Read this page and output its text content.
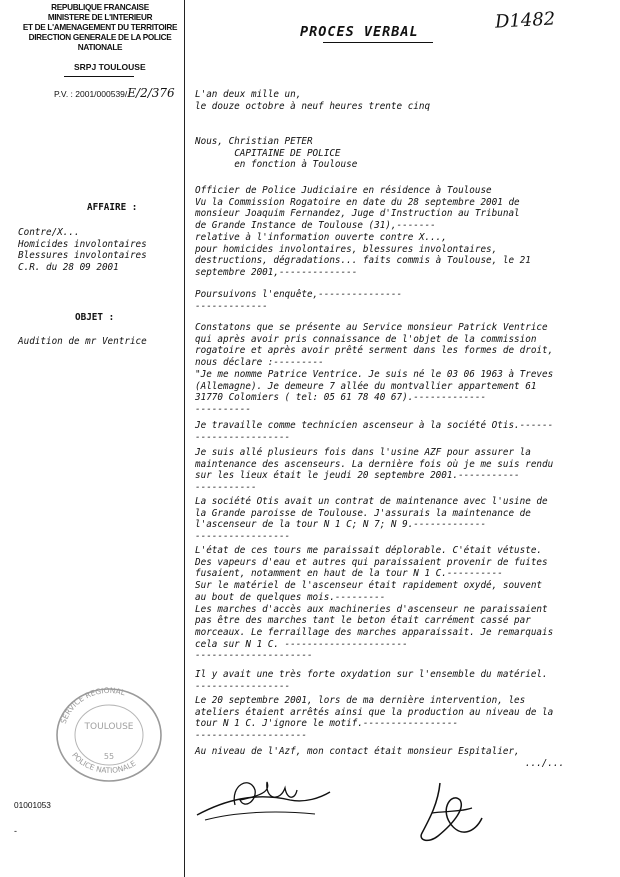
REPUBLIQUE FRANCAISE
MINISTERE DE L'INTERIEUR
ET DE L'AMENAGEMENT DU TERRITOIRE
DIRECTION GENERALE DE LA POLICE NATIONALE
SRPJ TOULOUSE
P.V. : 2001/000539/E/2/376
PROCES VERBAL	D1482
AFFAIRE :
Contre/X...
Homicides involontaires
Blessures involontaires
C.R. du 28 09 2001
OBJET :
Audition de mr Ventrice
L'an deux mille un,
le douze octobre à neuf heures trente cinq
Nous, Christian PETER
CAPITAINE DE POLICE
en fonction à Toulouse
Officier de Police Judiciaire en résidence à Toulouse
Vu la Commission Rogatoire en date du 28 septembre 2001 de
monsieur Joaquim Fernandez, Juge d'Instruction au Tribunal
de Grande Instance de Toulouse (31),-------
relative à l'information ouverte contre X...,
pour homicides involontaires, blessures involontaires,
destructions, dégradations... faits commis à Toulouse, le 21
septembre 2001,--------------
Poursuivons l'enquête,---------------
-------------
Constatons que se présente au Service monsieur Patrick Ventrice
qui après avoir pris connaissance de l'objet de la commission
rogatoire et après avoir prêté serment dans les formes de droit,
nous déclare :---------
"Je me nomme Patrice Ventrice. Je suis né le 03 06 1963 à Treves
(Allemagne). Je demeure 7 allée du montvallier appartement 61
31770 Colomiers ( tel: 05 61 78 40 67).-------------
----------
Je travaille comme technicien ascenseur à la société Otis.------
-----------------
Je suis allé plusieurs fois dans l'usine AZF pour assurer la
maintenance des ascenseurs. La dernière fois où je me suis rendu
sur les lieux était le jeudi 20 septembre 2001.-----------
-----------
La société Otis avait un contrat de maintenance avec l'usine de
la Grande paroisse de Toulouse. J'assurais la maintenance de
l'ascenseur de la tour N 1 C; N 7; N 9.-------------
-----------------
L'état de ces tours me paraissait déplorable. C'était vétuste.
Des vapeurs d'eau et autres qui paraissaient provenir de fuites
fusaient, notamment en haut de la tour N 1 C.----------
Sur le matériel de l'ascenseur était rapidement oxydé, souvent
au bout de quelques mois.---------
Les marches d'accès aux machineries d'ascenseur ne paraissaient
pas être des marches tant le beton était carrément cassé par
morceaux. Le ferraillage des marches apparaissait. Je remarquais
cela sur N 1 C. ----------------------
---------------------
Il y avait une très forte oxydation sur l'ensemble du matériel.
-----------------
Le 20 septembre 2001, lors de ma dernière intervention, les
ateliers étaient arrêtés ainsi que la production au niveau de la
tour N 1 C. J'ignore le motif.-----------------
--------------------
Au niveau de l'Azf, mon contact était monsieur Espitalier,
.../...
SERVICE REGIONAL
POLICE NATIONALE
TOULOUSE
55
01001053
-
